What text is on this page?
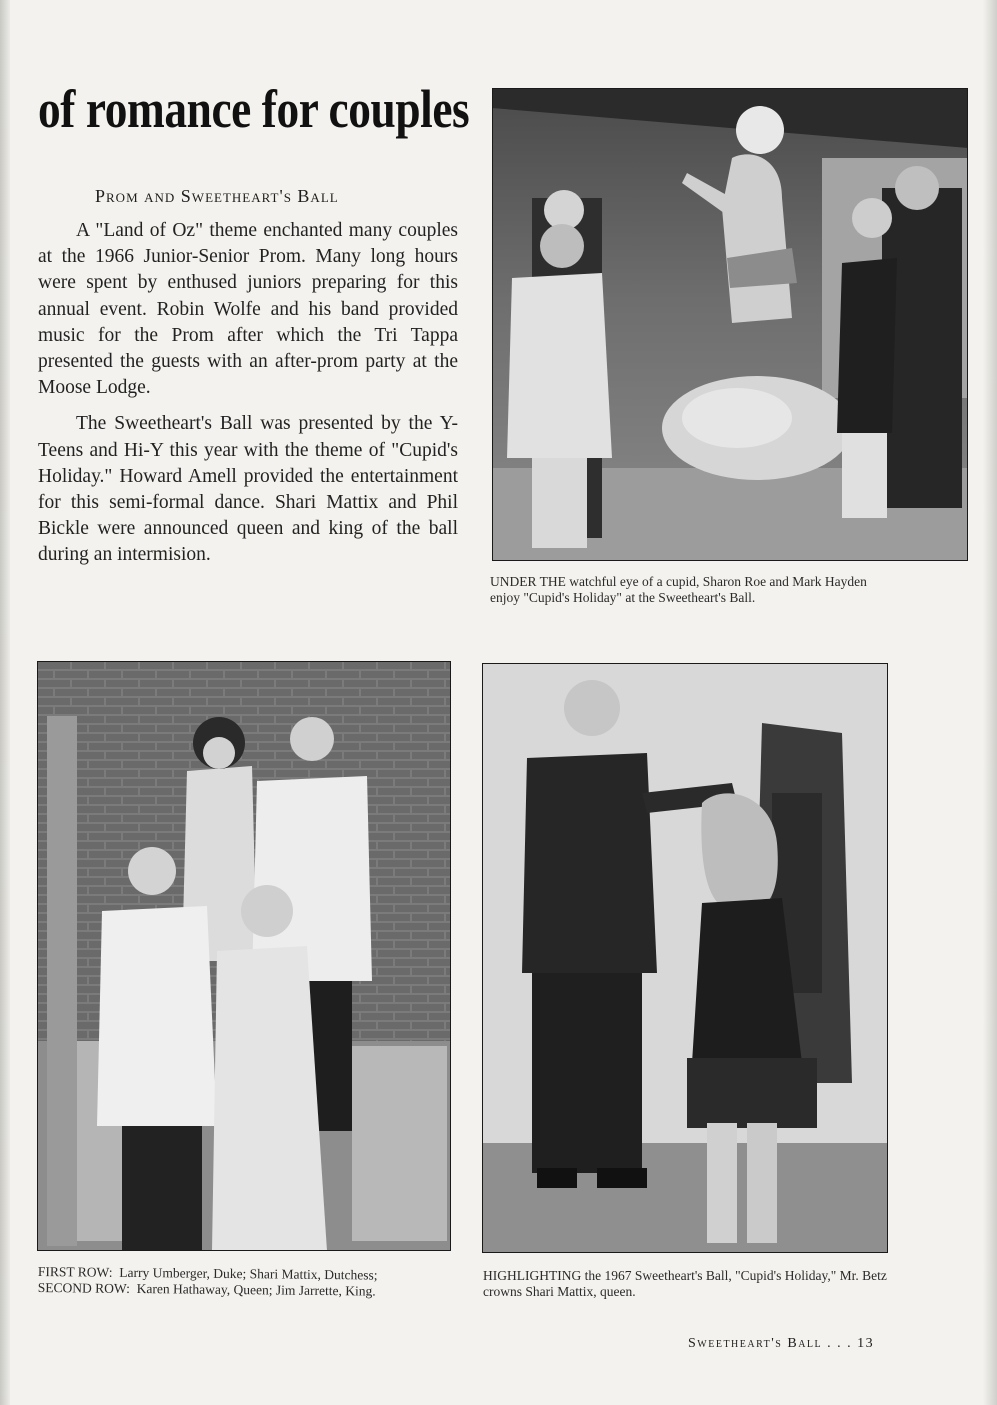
of romance for couples
Prom and Sweetheart's Ball

A "Land of Oz" theme enchanted many couples at the 1966 Junior-Senior Prom. Many long hours were spent by enthused juniors preparing for this annual event. Robin Wolfe and his band provided music for the Prom after which the Tri Tappa presented the guests with an after-prom party at the Moose Lodge.

The Sweetheart's Ball was presented by the Y-Teens and Hi-Y this year with the theme of "Cupid's Holiday." Howard Amell provided the entertainment for this semi-formal dance. Shari Mattix and Phil Bickle were announced queen and king of the ball during an intermision.

UNDER THE watchful eye of a cupid, Sharon Roe and Mark Hayden enjoy "Cupid's Holiday" at the Sweetheart's Ball.
FIRST ROW: Larry Umberger, Duke; Shari Mattix, Dutchess;
SECOND ROW: Karen Hathaway, Queen; Jim Jarrette, King.
HIGHLIGHTING the 1967 Sweetheart's Ball, "Cupid's Holiday," Mr. Betz crowns Shari Mattix, queen.
Sweetheart's Ball . . . 13
